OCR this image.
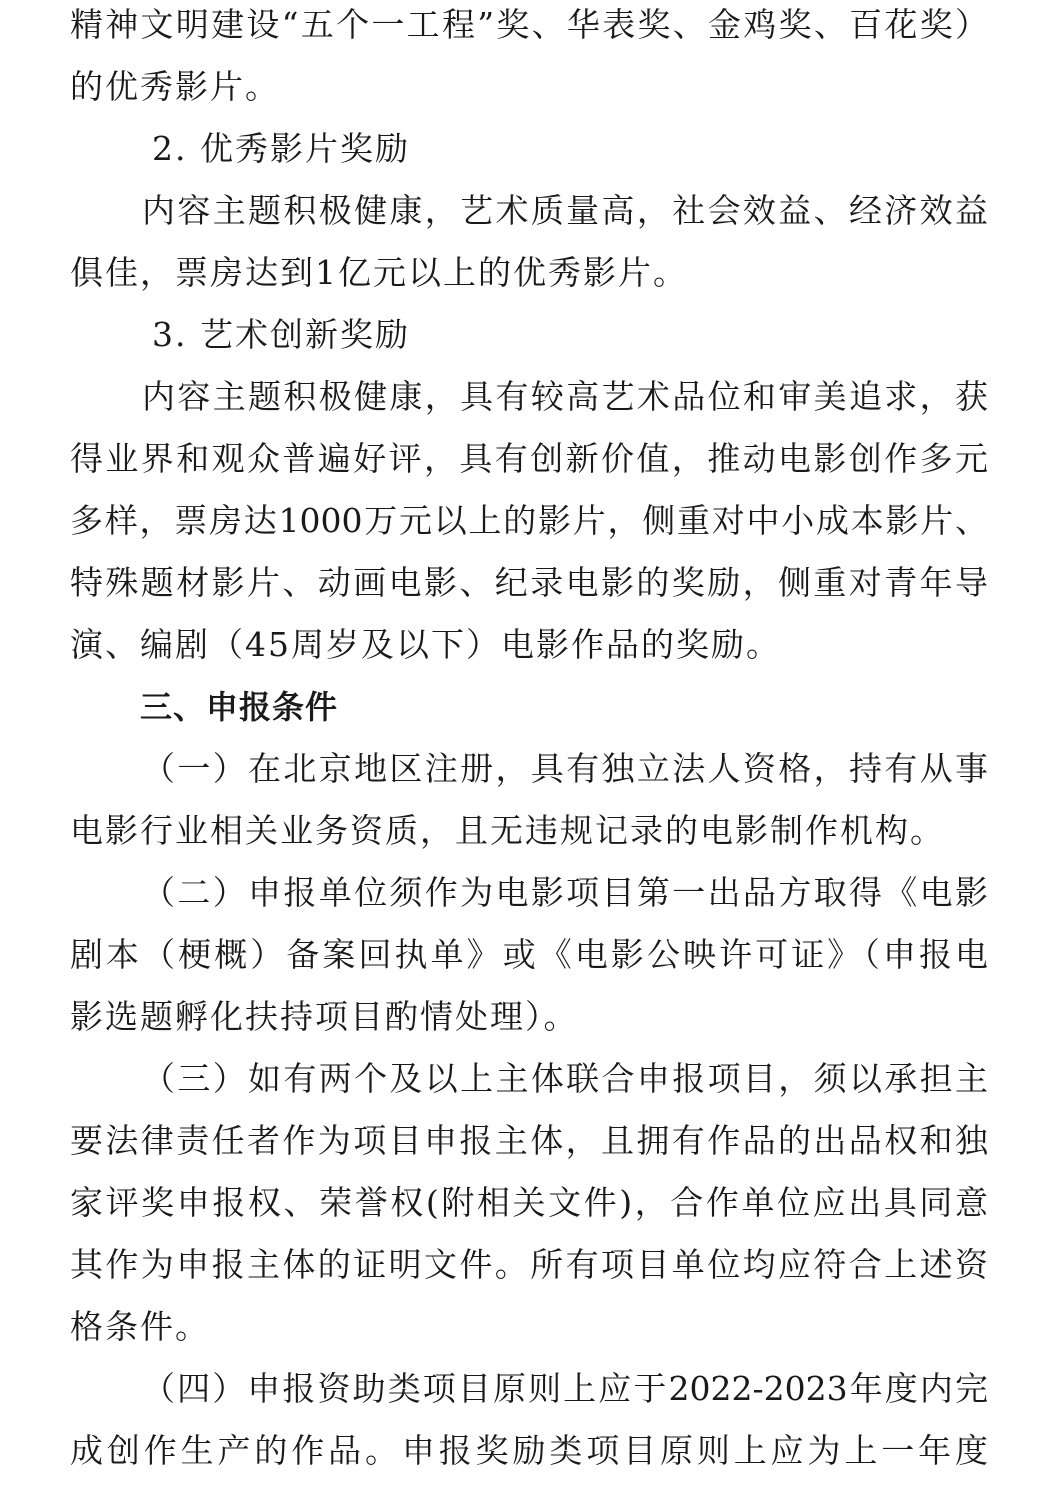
精神文明建设“五个一工程”奖、华表奖、金鸡奖、百花奖）
的优秀影片。
2. 优秀影片奖励
内容主题积极健康，艺术质量高，社会效益、经济效益
俱佳，票房达到1亿元以上的优秀影片。
3. 艺术创新奖励
内容主题积极健康，具有较高艺术品位和审美追求，获
得业界和观众普遍好评，具有创新价值，推动电影创作多元
多样，票房达1000万元以上的影片，侧重对中小成本影片、
特殊题材影片、动画电影、纪录电影的奖励，侧重对青年导
演、编剧（45周岁及以下）电影作品的奖励。
三、申报条件
（一）在北京地区注册，具有独立法人资格，持有从事
电影行业相关业务资质，且无违规记录的电影制作机构。
（二）申报单位须作为电影项目第一出品方取得《电影
剧本（梗概）备案回执单》或《电影公映许可证》（申报电
影选题孵化扶持项目酌情处理）。
（三）如有两个及以上主体联合申报项目，须以承担主
要法律责任者作为项目申报主体，且拥有作品的出品权和独
家评奖申报权、荣誉权(附相关文件)，合作单位应出具同意
其作为申报主体的证明文件。所有项目单位均应符合上述资
格条件。
（四）申报资助类项目原则上应于2022-2023年度内完
成创作生产的作品。申报奖励类项目原则上应为上一年度
